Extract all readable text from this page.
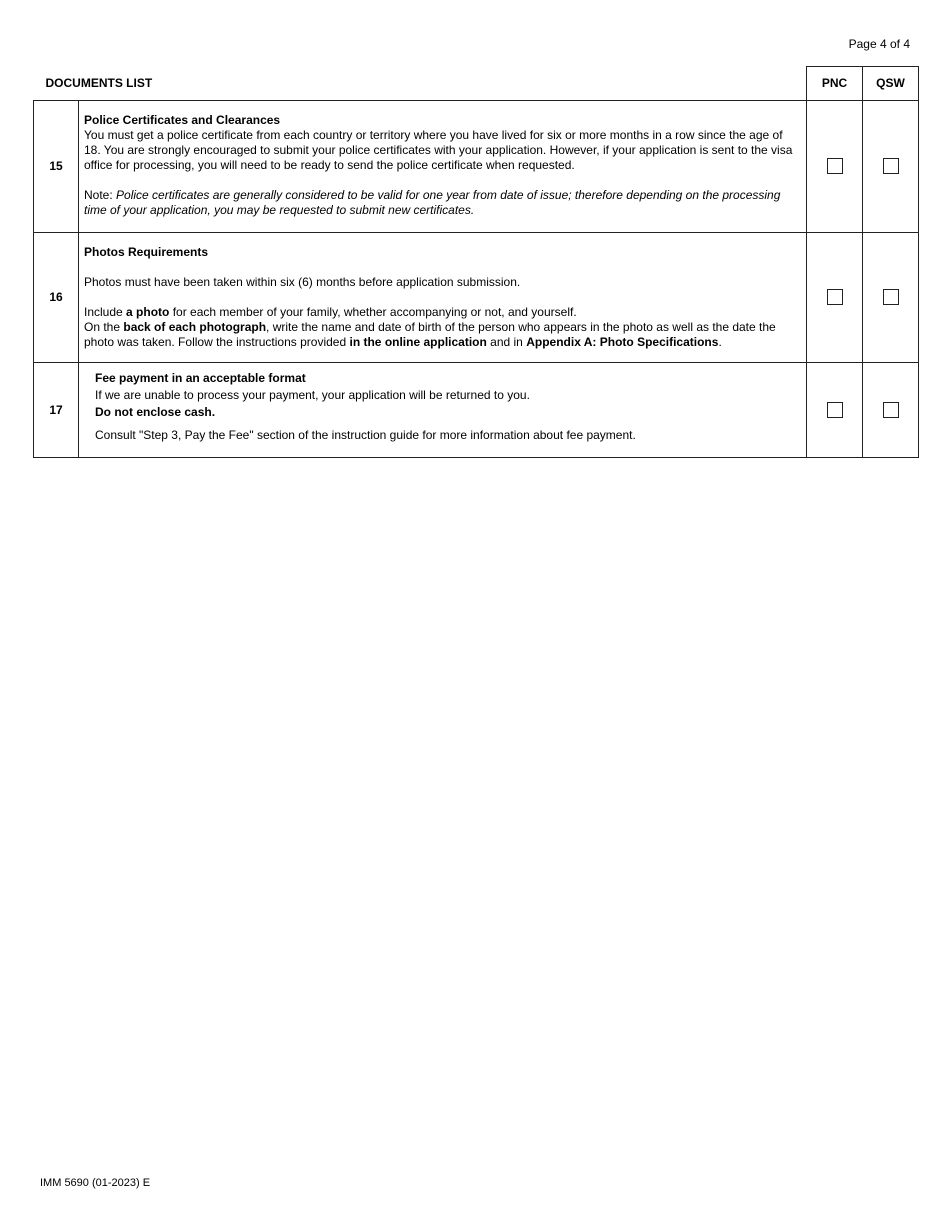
Page 4 of 4
DOCUMENTS LIST		PNC	QSW
15	Police Certificates and Clearances

You must get a police certificate from each country or territory where you have lived for six or more months in a row since the age of 18. You are strongly encouraged to submit your police certificates with your application. However, if your application is sent to the visa office for processing, you will need to be ready to send the police certificate when requested.

Note: Police certificates are generally considered to be valid for one year from date of issue; therefore depending on the processing time of your application, you may be requested to submit new certificates.		

16	Photos Requirements

Photos must have been taken within six (6) months before application submission.

Include a photo for each member of your family, whether accompanying or not, and yourself.

On the back of each photograph, write the name and date of birth of the person who appears in the photo as well as the date the photo was taken. Follow the instructions provided in the online application and in Appendix A: Photo Specifications.		

17	Fee payment in an acceptable format

If we are unable to process your payment, your application will be returned to you.

Do not enclose cash.

Consult "Step 3, Pay the Fee" section of the instruction guide for more information about fee payment.		

IMM 5690 (01-2023) E
